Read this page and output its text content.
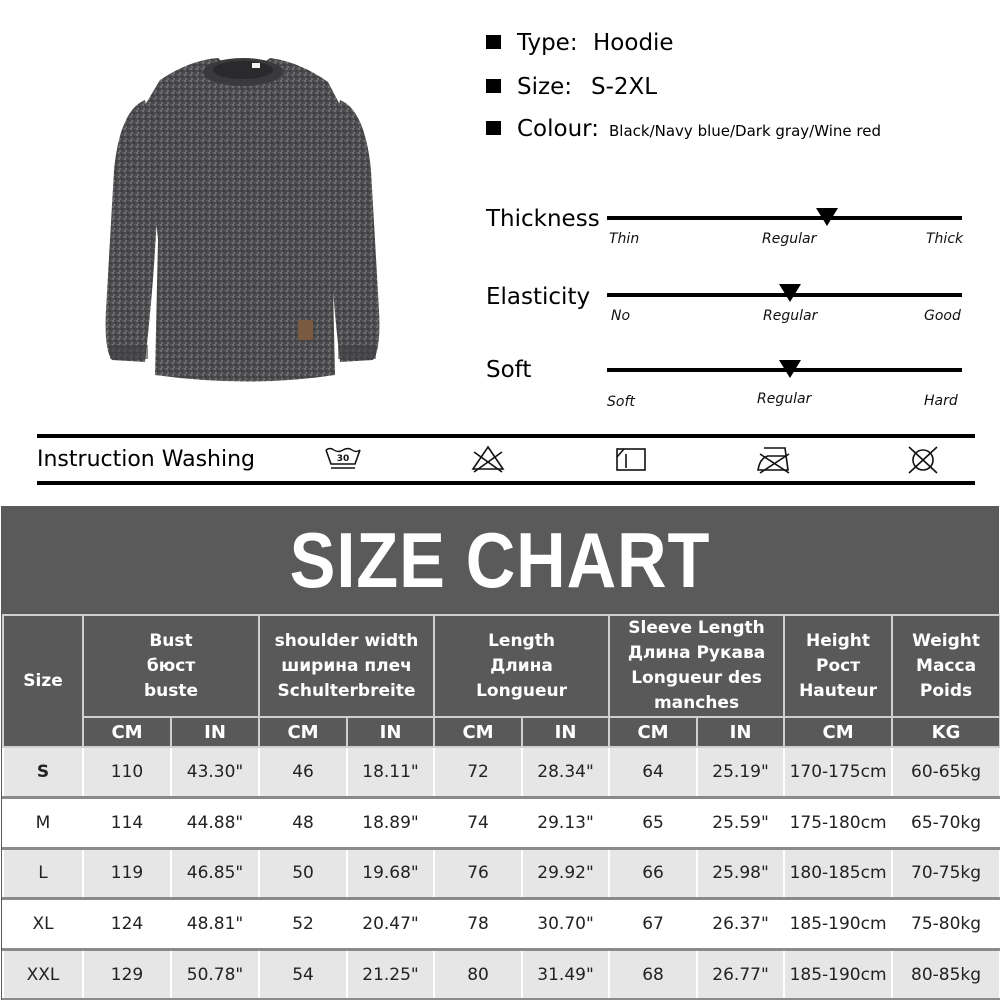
Type: Hoodie
Size: S-2XL
Colour: Black/Navy blue/Dark gray/Wine red
Thickness
Thin	Regular	Thick
Elasticity
No	Regular	Good
Soft
Soft	Regular	Hard
Instruction Washing	30
SIZE CHART
Size	
Bust
бюст
buste

shoulder width
ширина плеч
Schulterbreite

Length
Длина
Longueur

Sleeve Length
Длина Рукава
Longueur des
manches

Height
Рост
Hauteur

Weight
Macca
Poids

	CM	IN	CM	IN	CM	IN	CM	IN	CM	KG
S	110	43.30"	46	18.11"	72	28.34"	64	25.19"	170-175cm	60-65kg
M	114	44.88"	48	18.89"	74	29.13"	65	25.59"	175-180cm	65-70kg
L	119	46.85"	50	19.68"	76	29.92"	66	25.98"	180-185cm	70-75kg
XL	124	48.81"	52	20.47"	78	30.70"	67	26.37"	185-190cm	75-80kg
XXL	129	50.78"	54	21.25"	80	31.49"	68	26.77"	185-190cm	80-85kg
